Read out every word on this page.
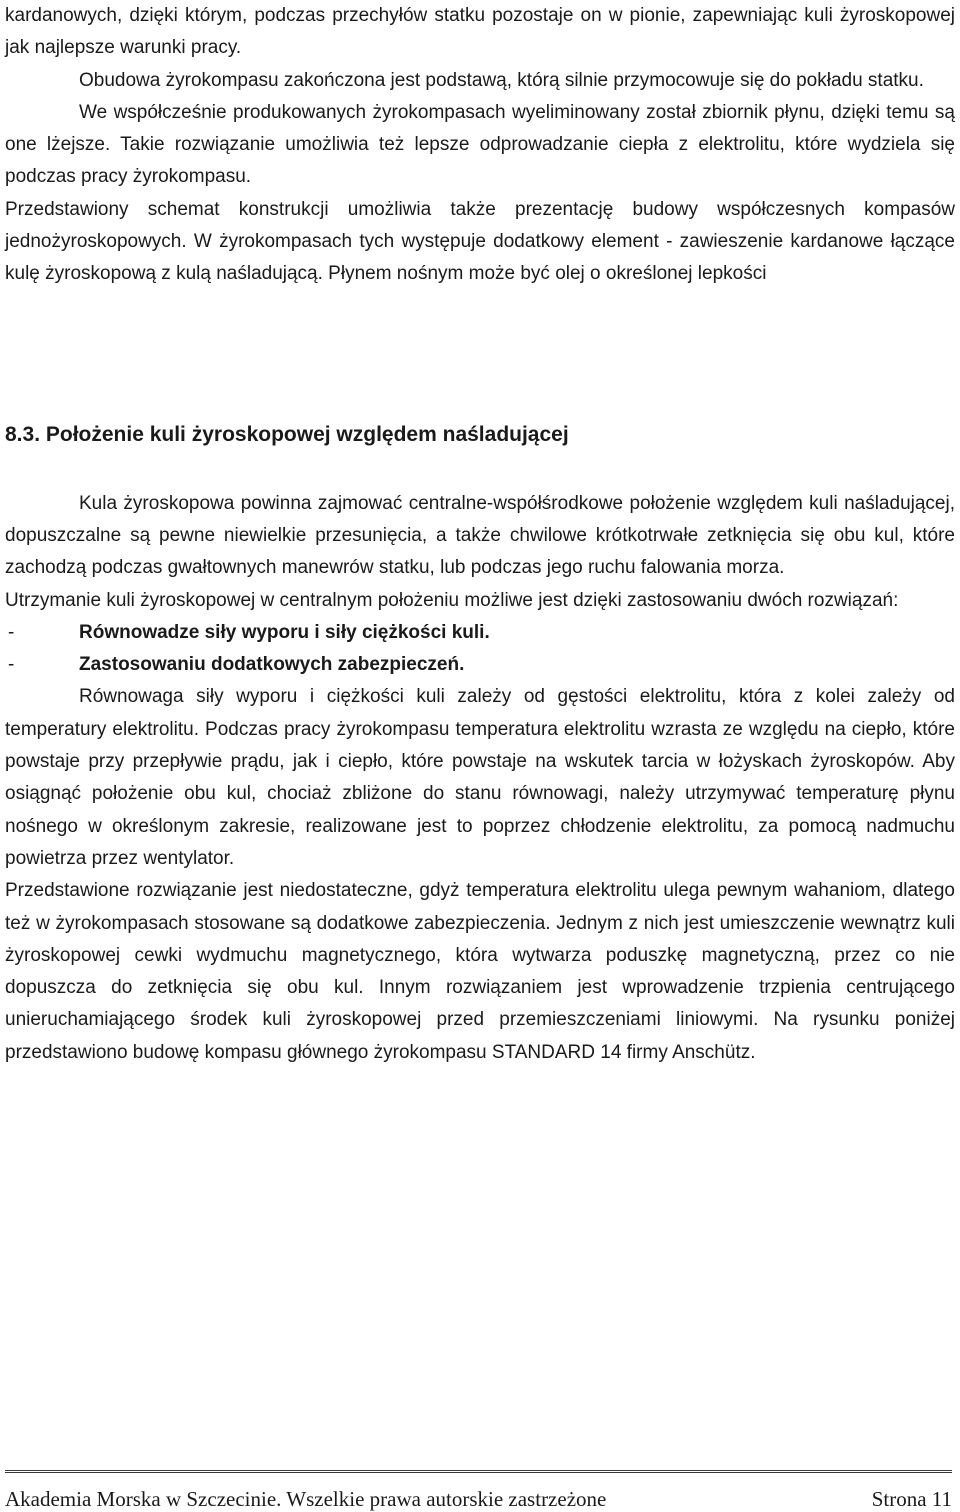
kardanowych, dzięki którym, podczas przechyłów statku pozostaje on w pionie, zapewniając kuli żyroskopowej jak najlepsze warunki pracy.

Obudowa żyrokompasu zakończona jest podstawą, którą silnie przymocowuje się do pokładu statku.

We współcześnie produkowanych żyrokompasach wyeliminowany został zbiornik płynu, dzięki temu są one lżejsze. Takie rozwiązanie umożliwia też lepsze odprowadzanie ciepła z elektrolitu, które wydziela się podczas pracy żyrokompasu.

Przedstawiony schemat konstrukcji umożliwia także prezentację budowy współczesnych kompasów jednożyroskopowych. W żyrokompasach tych występuje dodatkowy element - zawieszenie kardanowe łączące kulę żyroskopową z kulą naśladującą. Płynem nośnym może być olej o określonej lepkości

8.3. Położenie kuli żyroskopowej względem naśladującej

Kula żyroskopowa powinna zajmować centralne-współśrodkowe położenie względem kuli naśladującej, dopuszczalne są pewne niewielkie przesunięcia, a także chwilowe krótkotrwałe zetknięcia się obu kul, które zachodzą podczas gwałtownych manewrów statku, lub podczas jego ruchu falowania morza.

Utrzymanie kuli żyroskopowej w centralnym położeniu możliwe jest dzięki zastosowaniu dwóch rozwiązań:

-	Równowadze siły wyporu i siły ciężkości kuli.
-	Zastosowaniu dodatkowych zabezpieczeń.

Równowaga siły wyporu i ciężkości kuli zależy od gęstości elektrolitu, która z kolei zależy od temperatury elektrolitu. Podczas pracy żyrokompasu temperatura elektrolitu wzrasta ze względu na ciepło, które powstaje przy przepływie prądu, jak i ciepło, które powstaje na wskutek tarcia w łożyskach żyroskopów. Aby osiągnąć położenie obu kul, chociaż zbliżone do stanu równowagi, należy utrzymywać temperaturę płynu nośnego w określonym zakresie, realizowane jest to poprzez chłodzenie elektrolitu, za pomocą nadmuchu powietrza przez wentylator.

Przedstawione rozwiązanie jest niedostateczne, gdyż temperatura elektrolitu ulega pewnym wahaniom, dlatego też w żyrokompasach stosowane są dodatkowe zabezpieczenia. Jednym z nich jest umieszczenie wewnątrz kuli żyroskopowej cewki wydmuchu magnetycznego, która wytwarza poduszkę magnetyczną, przez co nie dopuszcza do zetknięcia się obu kul. Innym rozwiązaniem jest wprowadzenie trzpienia centrującego unieruchamiającego środek kuli żyroskopowej przed przemieszczeniami liniowymi. Na rysunku poniżej przedstawiono budowę kompasu głównego żyrokompasu STANDARD 14 firmy Anschütz.

Akademia Morska w Szczecinie. Wszelkie prawa autorskie zastrzeżone	Strona 11
